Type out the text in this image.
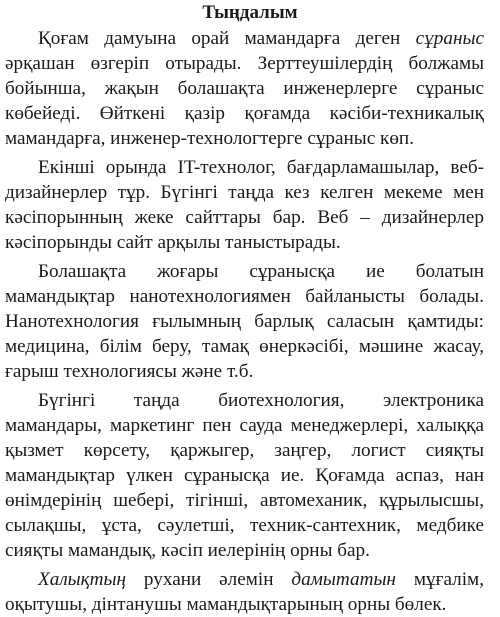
Тыңдалым

Қоғам дамуына орай мамандарға деген сұраныс әрқашан өзгеріп отырады. Зерттеушілердің болжамы бойынша, жақын болашақта инженерлерге сұраныс көбейеді. Өйткені қазір қоғамда кәсіби-техникалық мамандарға, инженер-технологтерге сұраныс көп.

Екінші орында IT-технолог, бағдарламашылар, веб-дизайнерлер тұр. Бүгінгі таңда кез келген мекеме мен кәсіпорынның жеке сайттары бар. Веб – дизайнерлер кәсіпорынды сайт арқылы таныстырады.

Болашақта жоғары сұранысқа ие болатын мамандықтар нанотехнологиямен байланысты болады. Нанотехнология ғылымның барлық саласын қамтиды: медицина, білім беру, тамақ өнеркәсібі, мәшине жасау, ғарыш технологиясы және т.б.

Бүгінгі таңда биотехнология, электроника мамандары, маркетинг пен сауда менеджерлері, халыққа қызмет көрсету, қаржыгер, заңгер, логист сияқты мамандықтар үлкен сұранысқа ие. Қоғамда аспаз, нан өнімдерінің шебері, тігінші, автомеханик, құрылысшы, сылақшы, ұста, сәулетші, техник-сантехник, медбике сияқты мамандық, кәсіп иелерінің орны бар.

Халықтың рухани әлемін дамытатын мұғалім, оқытушы, дінтанушы мамандықтарының орны бөлек.
